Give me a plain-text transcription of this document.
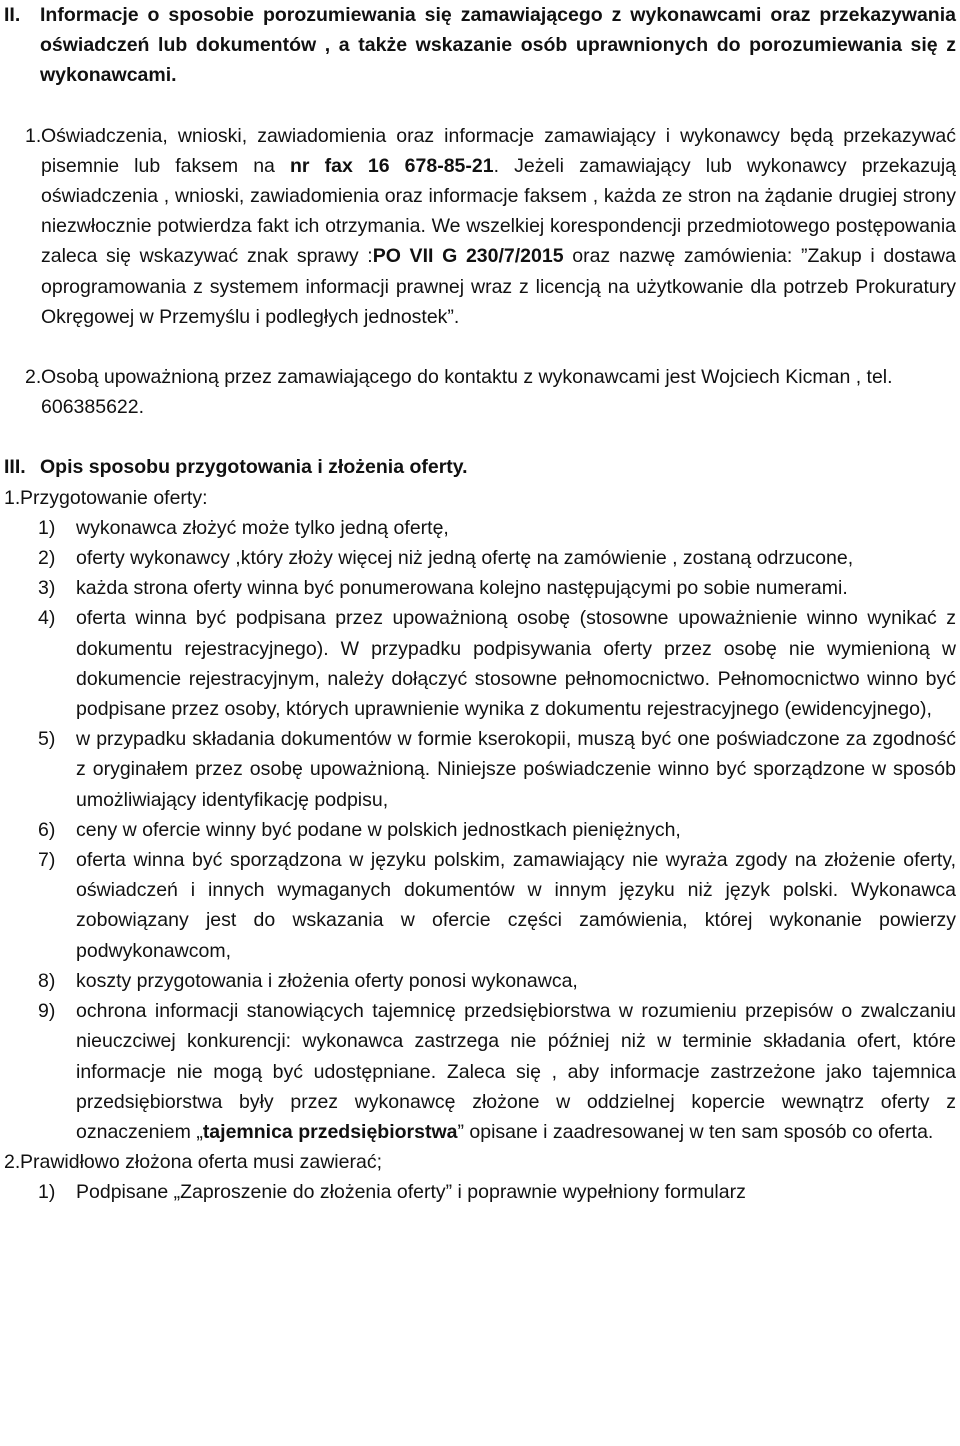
II.	Informacje o sposobie porozumiewania się zamawiającego z wykonawcami oraz przekazywania oświadczeń lub dokumentów , a także wskazanie osób uprawnionych do porozumiewania się z wykonawcami.
1. Oświadczenia, wnioski, zawiadomienia oraz informacje zamawiający i wykonawcy będą przekazywać pisemnie lub faksem na nr fax 16 678-85-21. Jeżeli zamawiający lub wykonawcy przekazują oświadczenia , wnioski, zawiadomienia oraz informacje faksem , każda ze stron na żądanie drugiej strony niezwłocznie potwierdza fakt ich otrzymania. We wszelkiej korespondencji przedmiotowego postępowania zaleca się wskazywać znak sprawy :PO VII G 230/7/2015 oraz nazwę zamówienia: ”Zakup i dostawa oprogramowania z systemem informacji prawnej wraz z licencją na użytkowanie dla potrzeb Prokuratury Okręgowej w Przemyślu i podległych jednostek”.
2. Osobą upoważnioną przez zamawiającego do kontaktu z wykonawcami jest Wojciech Kicman , tel. 606385622.
III. Opis sposobu przygotowania i złożenia oferty.
1. Przygotowanie oferty:
1)	wykonawca złożyć może tylko jedną ofertę,
2)	oferty wykonawcy ,który złoży więcej niż jedną ofertę na zamówienie , zostaną odrzucone,
3)	każda strona oferty winna być ponumerowana kolejno następującymi po sobie numerami.
4)	oferta winna być podpisana przez upoważnioną osobę (stosowne upoważnienie winno wynikać z dokumentu rejestracyjnego). W przypadku podpisywania oferty przez osobę nie wymienioną w dokumencie rejestracyjnym, należy dołączyć stosowne pełnomocnictwo. Pełnomocnictwo winno być podpisane przez osoby, których uprawnienie wynika z dokumentu rejestracyjnego (ewidencyjnego),
5)	w przypadku składania dokumentów w formie kserokopii, muszą być one poświadczone za zgodność z oryginałem przez osobę upoważnioną. Niniejsze poświadczenie winno być sporządzone w sposób umożliwiający identyfikację podpisu,
6)	ceny w ofercie winny być podane w polskich jednostkach pieniężnych,
7)	oferta winna być sporządzona w języku polskim, zamawiający nie wyraża zgody na złożenie oferty, oświadczeń i innych wymaganych dokumentów w innym języku niż język polski. Wykonawca zobowiązany jest do wskazania w ofercie części zamówienia, której wykonanie powierzy podwykonawcom,
8)	koszty przygotowania i złożenia oferty ponosi wykonawca,
9)	ochrona informacji stanowiących tajemnicę przedsiębiorstwa w rozumieniu przepisów o zwalczaniu nieuczciwej konkurencji: wykonawca zastrzega nie później niż w terminie składania ofert, które informacje nie mogą być udostępniane. Zaleca się , aby informacje zastrzeżone jako tajemnica przedsiębiorstwa były przez wykonawcę złożone w oddzielnej kopercie wewnątrz oferty z oznaczeniem „tajemnica przedsiębiorstwa” opisane i zaadresowanej w ten sam sposób co oferta.
2. Prawidłowo złożona oferta musi zawierać;
1)	Podpisane „Zaproszenie do złożenia oferty” i poprawnie wypełniony formularz
